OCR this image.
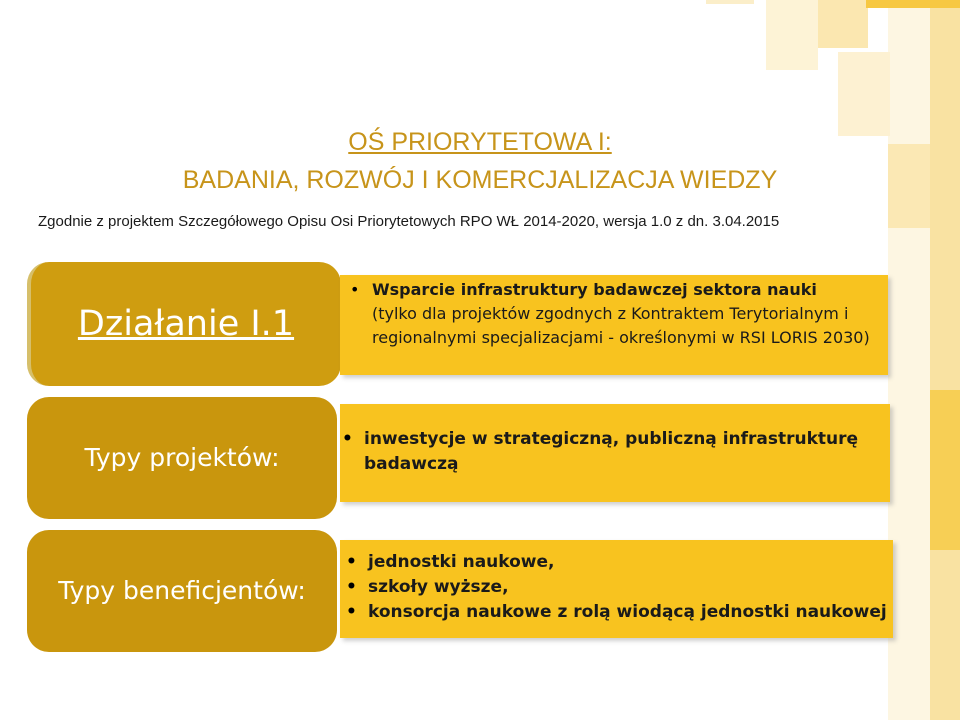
OŚ PRIORYTETOWA I:
BADANIA, ROZWÓJ I KOMERCJALIZACJA WIEDZY
Zgodnie z projektem Szczegółowego Opisu Osi Priorytetowych RPO WŁ 2014-2020, wersja 1.0 z dn. 3.04.2015
Działanie I.1
• Wsparcie infrastruktury badawczej sektora nauki
(tylko dla projektów zgodnych z Kontraktem Terytorialnym i regionalnymi specjalizacjami - określonymi w RSI LORIS 2030)
Typy projektów:
• inwestycje w strategiczną, publiczną infrastrukturę badawczą
Typy beneficjentów:
• jednostki naukowe,
• szkoły wyższe,
• konsorcja naukowe z rolą wiodącą jednostki naukowej
